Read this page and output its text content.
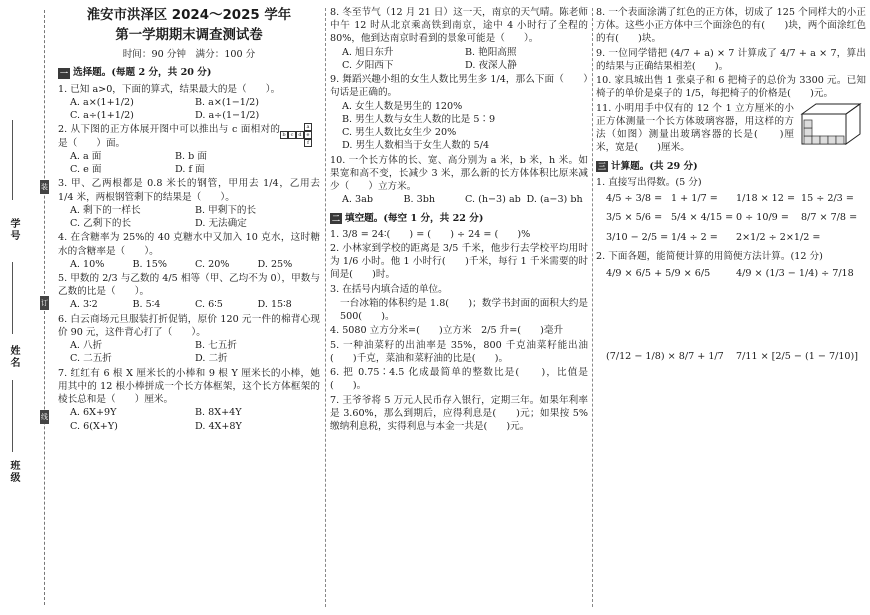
学号
姓名
班级
装
订
线
淮安市洪泽区 2024～2025 学年
第一学期期末调查测试卷
时间：90 分钟　满分：100 分
一 选择题。(每题 2 分，共 20 分)
1. 已知 a>0，下面的算式，结果最大的是（　　）。
A. a×(1+1/2)	B. a×(1−1/2)
C. a÷(1+1/2)	D. a÷(1−1/2)
a
b	c d e
f
2. 从下图的正方体展开图中可以推出与 c 面相对的是（　　）面。
A. a 面	B. b 面
C. e 面	D. f 面
3. 甲、乙两根都是 0.8 米长的钢管，甲用去 1/4，乙用去 1/4 米，两根钢管剩下的结果是（　　）。
A. 剩下的一样长	B. 甲剩下的长
C. 乙剩下的长	D. 无法确定
4. 在含糖率为 25%的 40 克糖水中又加入 10 克水，这时糖水的含糖率是（　　）。
A. 10%	B. 15%	C. 20%	D. 25%
5. 甲数的 2/3 与乙数的 4/5 相等（甲、乙均不为 0），甲数与乙数的比是（　　）。
A. 3∶2	B. 5∶4	C. 6∶5	D. 15∶8
6. 白云商场元旦服装打折促销，原价 120 元一件的棉背心现价 90 元，这件背心打了（　　）。
A. 八折	B. 七五折
C. 二五折	D. 二折
7. 红红有 6 根 X 厘米长的小棒和 9 根 Y 厘米长的小棒，她用其中的 12 根小棒拼成一个长方体框架，这个长方体框架的棱长总和是（　　）厘米。
A. 6X+9Y	B. 8X+4Y
C. 6(X+Y)	D. 4X+8Y
8. 冬至节气（12 月 21 日）这一天，南京的天气晴。陈老师中午 12 时从北京乘高铁到南京，途中 4 小时行了全程的 80%，他到达南京时看到的景象可能是（　　）。
A. 旭日东升	B. 艳阳高照
C. 夕阳西下	D. 夜深人静
9. 舞蹈兴趣小组的女生人数比男生多 1/4，那么下面（　　）句话是正确的。
A. 女生人数是男生的 120%
B. 男生人数与女生人数的比是 5∶9
C. 男生人数比女生少 20%
D. 男生人数相当于女生人数的 5/4
10. 一个长方体的长、宽、高分别为 a 米，b 米，h 米。如果宽和高不变，长减少 3 米，那么新的长方体体积比原来减少（　　）立方米。
A. 3ab	B. 3bh	C. (h−3) ab D. (a−3) bh
二 填空题。(每空 1 分，共 22 分)
1. 3/8 = 24∶(　　) = (　　) ÷ 24 = (　　)%
2. 小林家到学校的距离是 3/5 千米，他步行去学校平均用时为 1/6 小时。他 1 小时行(　　)千米，每行 1 千米需要的时间是(　　)时。
3. 在括号内填合适的单位。
一台冰箱的体积约是 1.8(　　)；数学书封面的面积大约是 500(　　)。
4. 5080 立方分米=(　　)立方米　2/5 升=(　　)毫升
5. 一种油菜籽的出油率是 35%，800 千克油菜籽能出油(　　)千克，菜油和菜籽油的比是(　　)。
6. 把 0.75∶4.5 化成最简单的整数比是(　　)，比值是(　　)。
7. 王爷爷将 5 万元人民币存入银行，定期三年。如果年利率是 3.60%，那么到期后，应得利息是(　　)元；如果按 5% 缴纳利息税，实得利息与本金一共是(　　)元。
8. 一个表面涂满了红色的正方体，切成了 125 个同样大的小正方体。这些小正方体中三个面涂色的有(　　)块，两个面涂红色的有(　　)块。
9. 一位同学错把 (4/7 + a) × 7 计算成了 4/7 + a × 7，算出的结果与正确结果相差(　　)。
10. 家具城出售 1 张桌子和 6 把椅子的总价为 3300 元。已知椅子的单价是桌子的 1/5，每把椅子的价格是(　　)元。
11. 小明用手中仅有的 12 个 1 立方厘米的小正方体测量一个长方体玻璃容器，用这样的方法（如图）测量出玻璃容器的长是(　　)厘米，宽是(　　)厘米。
三 计算题。(共 29 分)
1. 直接写出得数。(5 分)
4/5 ÷ 3/8 = 1 + 1/7 =	1/18 × 12 = 15 ÷ 2/3 =
3/5 × 5/6 = 5/4 × 4/15 = 0 ÷ 10/9 =	8/7 × 7/8 =
3/10 − 2/5 = 1/4 ÷ 2 =	2×1/2 ÷ 2×1/2 =
2. 下面各题，能简便计算的用简便方法计算。(12 分)
4/9 × 6/5 + 5/9 × 6/5	4/9 × (1/3 − 1/4) ÷ 7/18
(7/12 − 1/8) × 8/7 + 1/7	7/11 × [2/5 − (1 − 7/10)]
